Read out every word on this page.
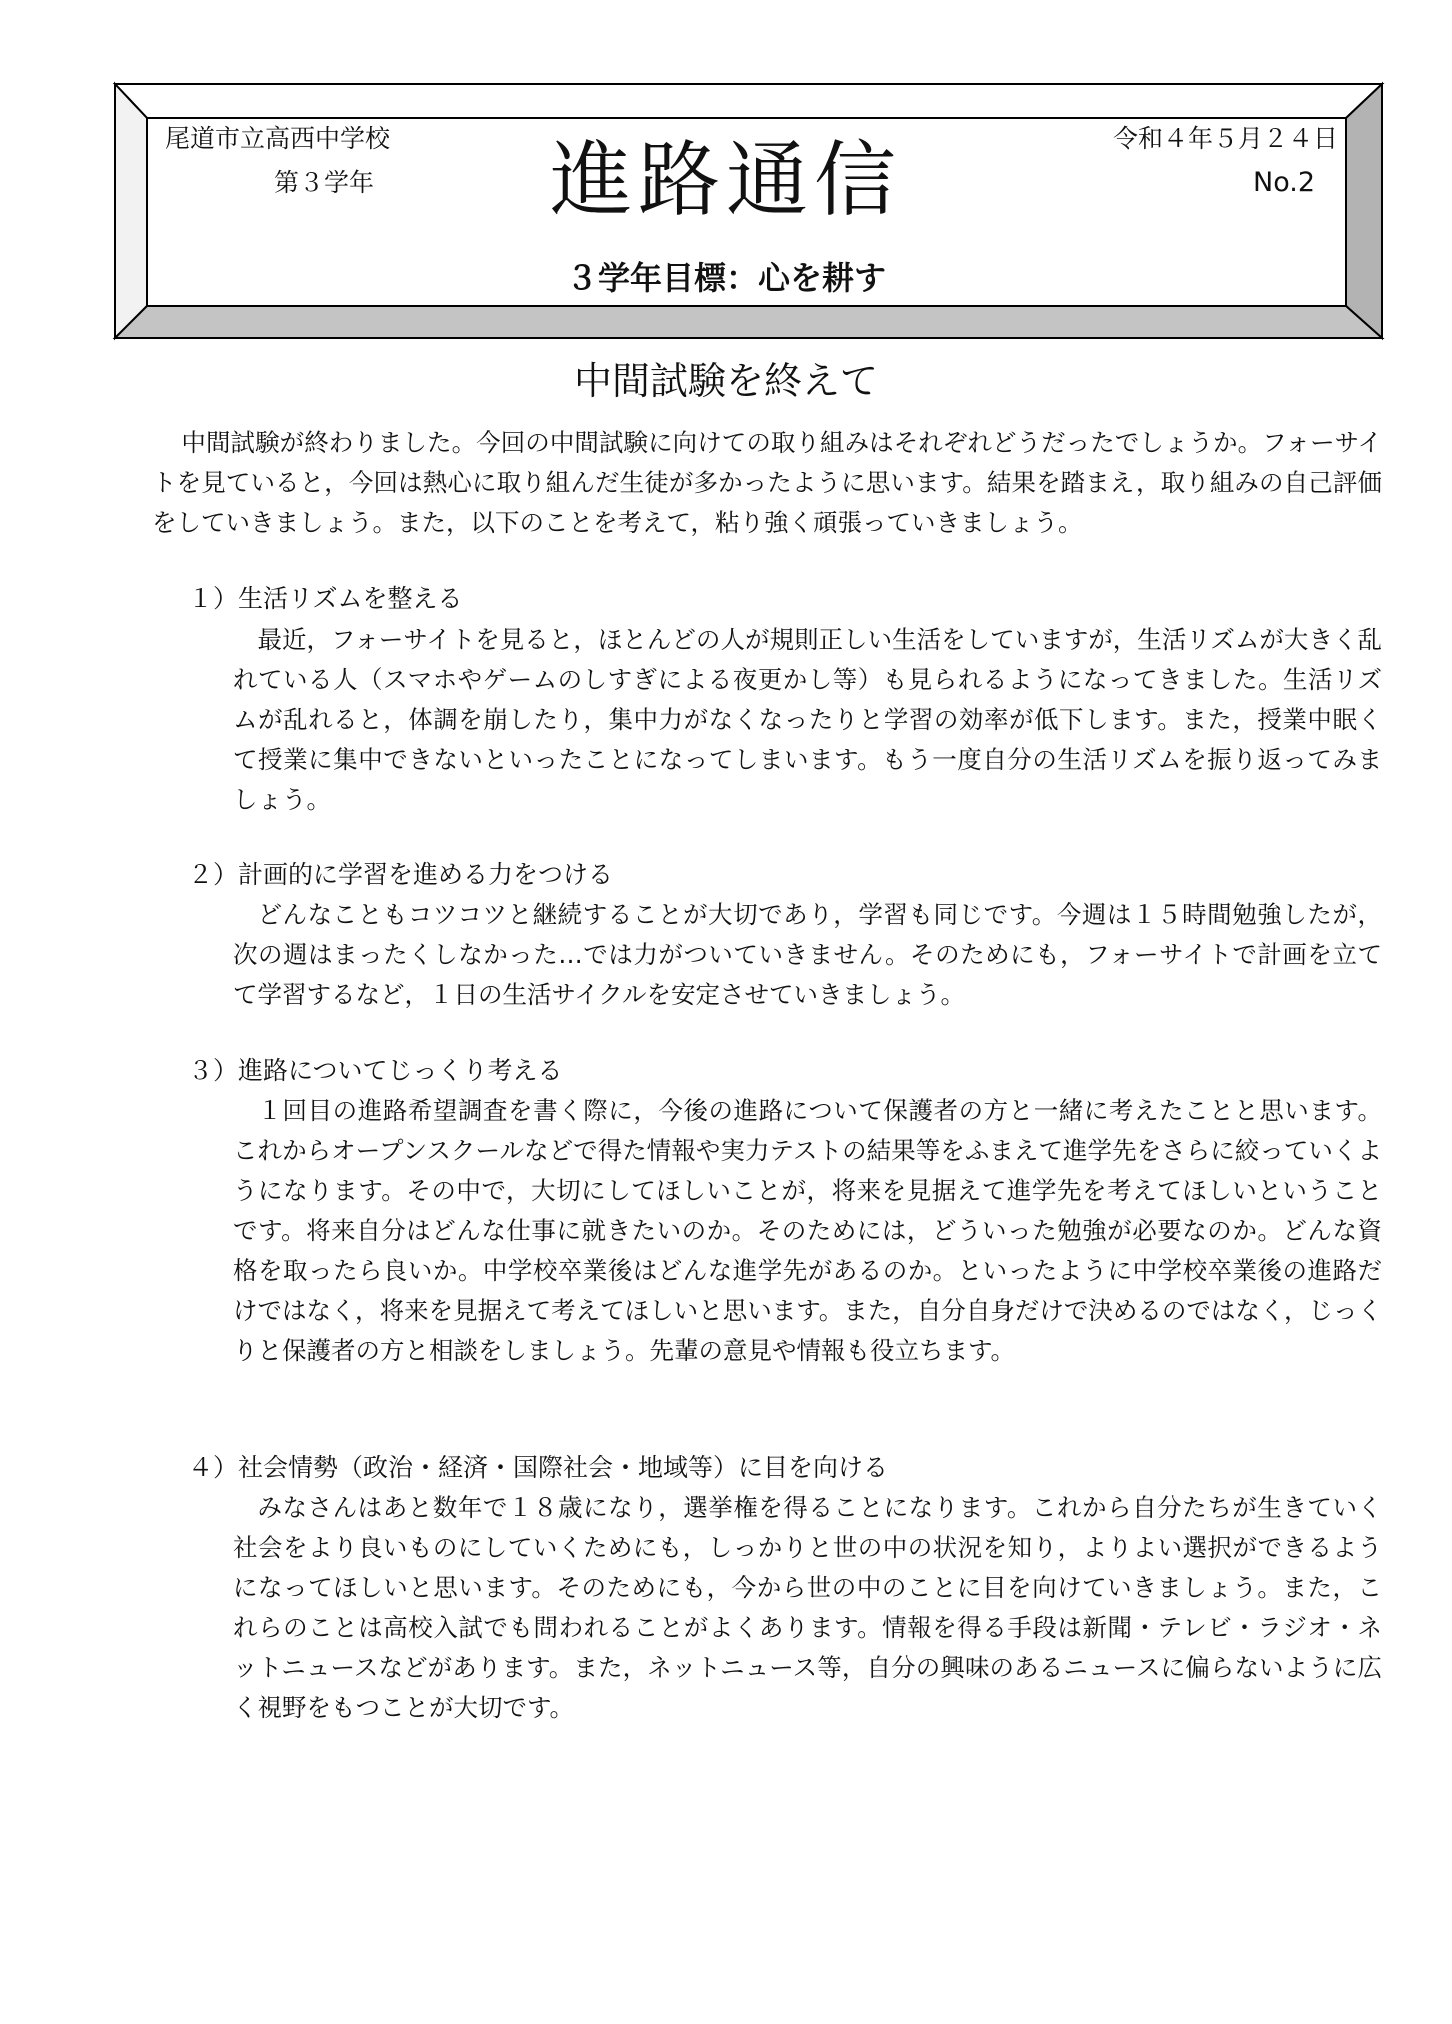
尾道市立高西中学校
第３学年	進路通信	令和４年５月２４日
No.2
３学年目標：心を耕す
中間試験を終えて
中間試験が終わりました。今回の中間試験に向けての取り組みはそれぞれどうだったでしょうか。フォーサイトを見ていると，今回は熱心に取り組んだ生徒が多かったように思います。結果を踏まえ，取り組みの自己評価をしていきましょう。また，以下のことを考えて，粘り強く頑張っていきましょう。
１）生活リズムを整える
最近，フォーサイトを見ると，ほとんどの人が規則正しい生活をしていますが，生活リズムが大きく乱れている人（スマホやゲームのしすぎによる夜更かし等）も見られるようになってきました。生活リズムが乱れると，体調を崩したり，集中力がなくなったりと学習の効率が低下します。また，授業中眠くて授業に集中できないといったことになってしまいます。もう一度自分の生活リズムを振り返ってみましょう。
２）計画的に学習を進める力をつける
どんなこともコツコツと継続することが大切であり，学習も同じです。今週は１５時間勉強したが，次の週はまったくしなかった…では力がついていきません。そのためにも，フォーサイトで計画を立てて学習するなど，１日の生活サイクルを安定させていきましょう。
３）進路についてじっくり考える
１回目の進路希望調査を書く際に，今後の進路について保護者の方と一緒に考えたことと思います。これからオープンスクールなどで得た情報や実力テストの結果等をふまえて進学先をさらに絞っていくようになります。その中で，大切にしてほしいことが，将来を見据えて進学先を考えてほしいということです。将来自分はどんな仕事に就きたいのか。そのためには，どういった勉強が必要なのか。どんな資格を取ったら良いか。中学校卒業後はどんな進学先があるのか。といったように中学校卒業後の進路だけではなく，将来を見据えて考えてほしいと思います。また，自分自身だけで決めるのではなく，じっくりと保護者の方と相談をしましょう。先輩の意見や情報も役立ちます。
４）社会情勢（政治・経済・国際社会・地域等）に目を向ける
みなさんはあと数年で１８歳になり，選挙権を得ることになります。これから自分たちが生きていく社会をより良いものにしていくためにも，しっかりと世の中の状況を知り，よりよい選択ができるようになってほしいと思います。そのためにも，今から世の中のことに目を向けていきましょう。また，これらのことは高校入試でも問われることがよくあります。情報を得る手段は新聞・テレビ・ラジオ・ネットニュースなどがあります。また，ネットニュース等，自分の興味のあるニュースに偏らないように広く視野をもつことが大切です。
